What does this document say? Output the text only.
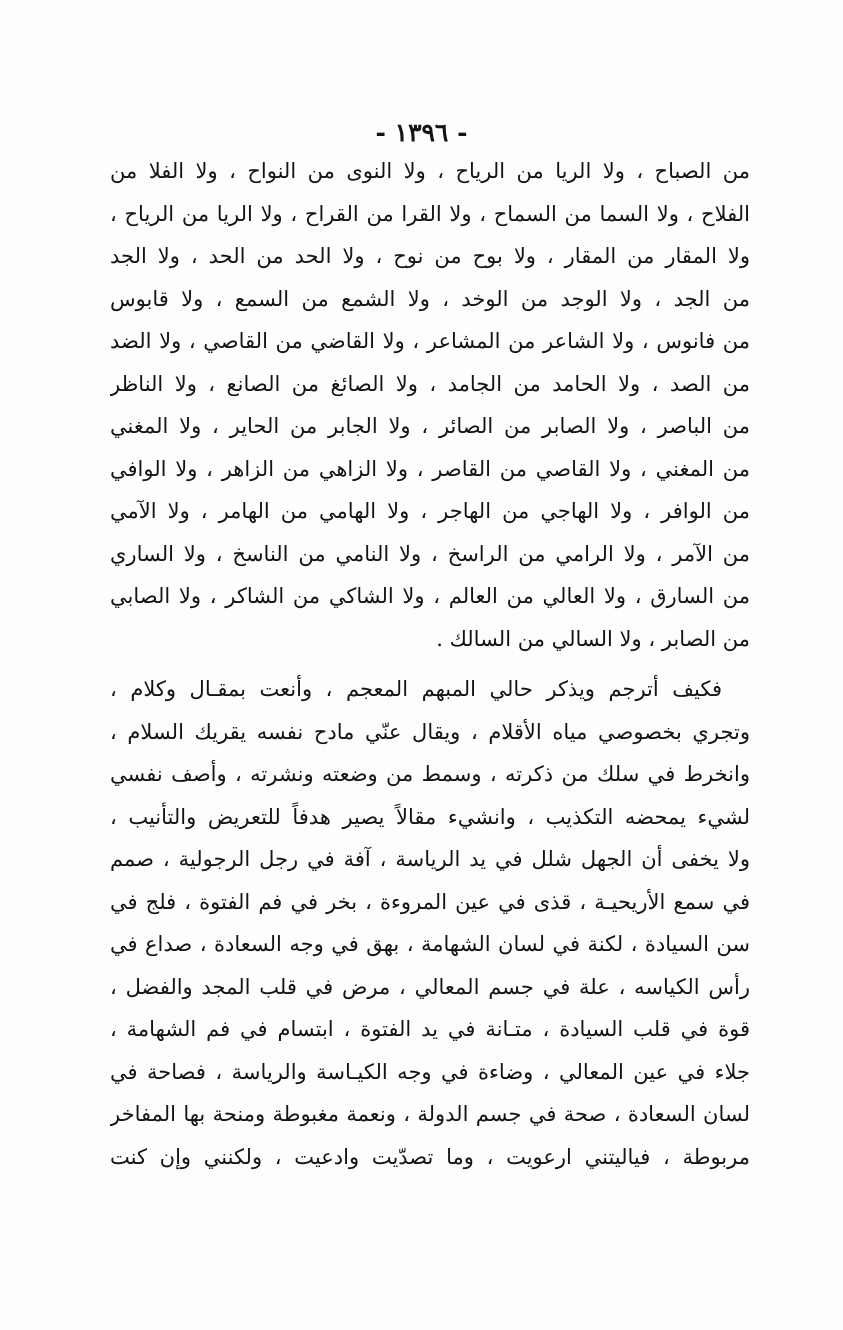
- ١٣٩٦ -
من الصباح ، ولا الريا من الرياح ، ولا النوى من النواح ، ولا الفلا من
الفلاح ، ولا السما من السماح ، ولا القرا من القراح ، ولا الريا من الرياح ،
ولا المقار من المقار ، ولا بوح من نوح ، ولا الحد من الحد ، ولا الجد
من الجد ، ولا الوجد من الوخد ، ولا الشمع من السمع ، ولا قابوس
من فانوس ، ولا الشاعر من المشاعر ، ولا القاضي من القاصي ، ولا الضد
من الصد ، ولا الحامد من الجامد ، ولا الصائغ من الصانع ، ولا الناظر
من الباصر ، ولا الصابر من الصائر ، ولا الجابر من الحاير ، ولا المغني
من المغني ، ولا القاصي من القاصر ، ولا الزاهي من الزاهر ، ولا الوافي
من الوافر ، ولا الهاجي من الهاجر ، ولا الهامي من الهامر ، ولا الآمي
من الآمر ، ولا الرامي من الراسخ ، ولا النامي من الناسخ ، ولا الساري
من السارق ، ولا العالي من العالم ، ولا الشاكي من الشاكر ، ولا الصابي
من الصابر ، ولا السالي من السالك .
فكيف أترجم ويذكر حالي المبهم المعجم ، وأنعت بمقـال وكلام ،
وتجري بخصوصي مياه الأقلام ، ويقال عنّي مادح نفسه يقريك السلام ،
وانخرط في سلك من ذكرته ، وسمط من وضعته ونشرته ، وأصف نفسي
لشيء يمحضه التكذيب ، وانشيء مقالاً يصير هدفاً للتعريض والتأنيب ،
ولا يخفى أن الجهل شلل في يد الرياسة ، آفة في رجل الرجولية ، صمم
في سمع الأريحيـة ، قذى في عين المروءة ، بخر في فم الفتوة ، فلج في
سن السيادة ، لكنة في لسان الشهامة ، بهق في وجه السعادة ، صداع في
رأس الكياسه ، علة في جسم المعالي ، مرض في قلب المجد والفضل ،
قوة في قلب السيادة ، متـانة في يد الفتوة ، ابتسام في فم الشهامة ،
جلاء في عين المعالي ، وضاءة في وجه الكيـاسة والرياسة ، فصاحة في
لسان السعادة ، صحة في جسم الدولة ، ونعمة مغبوطة ومنحة بها المفاخر
مربوطة ، فياليتني ارعويت ، وما تصدّيت وادعيت ، ولكنني وإن كنت
